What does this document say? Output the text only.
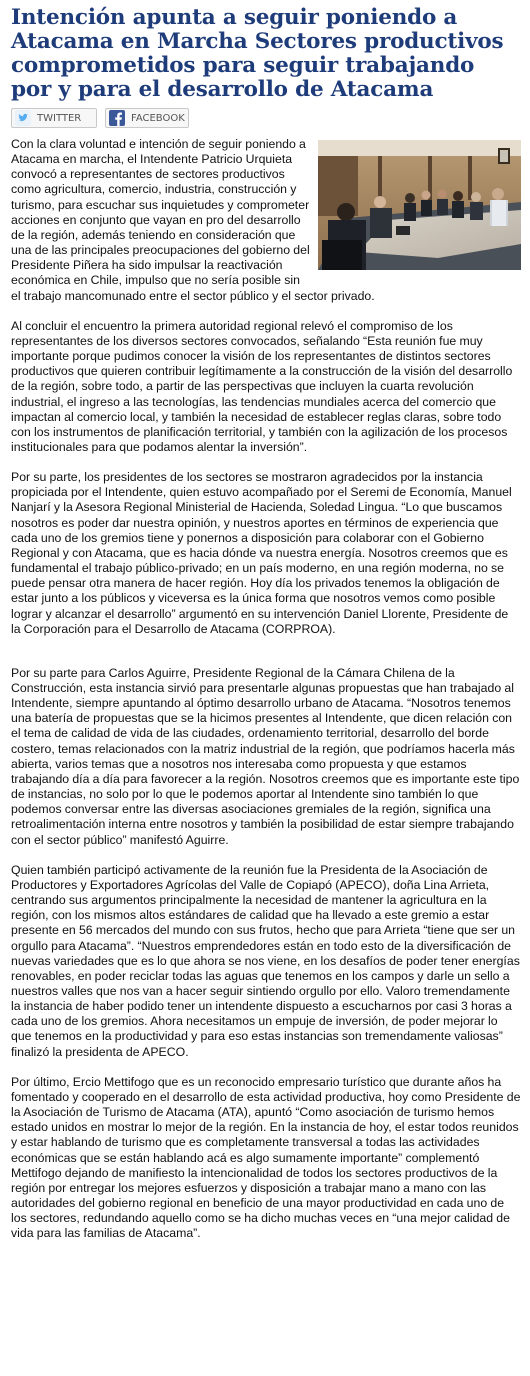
Intención apunta a seguir poniendo a Atacama en Marcha Sectores productivos comprometidos para seguir trabajando por y para el desarrollo de Atacama
TWITTER	FACEBOOK

Con la clara voluntad e intención de seguir poniendo a Atacama en marcha, el Intendente Patricio Urquieta convocó a representantes de sectores productivos como agricultura, comercio, industria, construcción y turismo, para escuchar sus inquietudes y comprometer acciones en conjunto que vayan en pro del desarrollo de la región, además teniendo en consideración que una de las principales preocupaciones del gobierno del Presidente Piñera ha sido impulsar la reactivación económica en Chile, impulso que no sería posible sin el trabajo mancomunado entre el sector público y el sector privado.

Al concluir el encuentro la primera autoridad regional relevó el compromiso de los representantes de los diversos sectores convocados, señalando “Esta reunión fue muy importante porque pudimos conocer la visión de los representantes de distintos sectores productivos que quieren contribuir legítimamente a la construcción de la visión del desarrollo de la región, sobre todo, a partir de las perspectivas que incluyen la cuarta revolución industrial, el ingreso a las tecnologías, las tendencias mundiales acerca del comercio que impactan al comercio local, y también la necesidad de establecer reglas claras, sobre todo con los instrumentos de planificación territorial, y también con la agilización de los procesos institucionales para que podamos alentar la inversión”.

Por su parte, los presidentes de los sectores se mostraron agradecidos por la instancia propiciada por el Intendente, quien estuvo acompañado por el Seremi de Economía, Manuel Nanjarí y la Asesora Regional Ministerial de Hacienda, Soledad Lingua. “Lo que buscamos nosotros es poder dar nuestra opinión, y nuestros aportes en términos de experiencia que cada uno de los gremios tiene y ponernos a disposición para colaborar con el Gobierno Regional y con Atacama, que es hacia dónde va nuestra energía. Nosotros creemos que es fundamental el trabajo público-privado; en un país moderno, en una región moderna, no se puede pensar otra manera de hacer región. Hoy día los privados tenemos la obligación de estar junto a los públicos y viceversa es la única forma que nosotros vemos como posible lograr y alcanzar el desarrollo” argumentó en su intervención Daniel Llorente, Presidente de la Corporación para el Desarrollo de Atacama (CORPROA).

Por su parte para Carlos Aguirre, Presidente Regional de la Cámara Chilena de la Construcción, esta instancia sirvió para presentarle algunas propuestas que han trabajado al Intendente, siempre apuntando al óptimo desarrollo urbano de Atacama. “Nosotros tenemos una batería de propuestas que se la hicimos presentes al Intendente, que dicen relación con el tema de calidad de vida de las ciudades, ordenamiento territorial, desarrollo del borde costero, temas relacionados con la matriz industrial de la región, que podríamos hacerla más abierta, varios temas que a nosotros nos interesaba como propuesta y que estamos trabajando día a día para favorecer a la región. Nosotros creemos que es importante este tipo de instancias, no solo por lo que le podemos aportar al Intendente sino también lo que podemos conversar entre las diversas asociaciones gremiales de la región, significa una retroalimentación interna entre nosotros y también la posibilidad de estar siempre trabajando con el sector público” manifestó Aguirre.

Quien también participó activamente de la reunión fue la Presidenta de la Asociación de Productores y Exportadores Agrícolas del Valle de Copiapó (APECO), doña Lina Arrieta, centrando sus argumentos principalmente la necesidad de mantener la agricultura en la región, con los mismos altos estándares de calidad que ha llevado a este gremio a estar presente en 56 mercados del mundo con sus frutos, hecho que para Arrieta “tiene que ser un orgullo para Atacama”. “Nuestros emprendedores están en todo esto de la diversificación de nuevas variedades que es lo que ahora se nos viene, en los desafíos de poder tener energías renovables, en poder reciclar todas las aguas que tenemos en los campos y darle un sello a nuestros valles que nos van a hacer seguir sintiendo orgullo por ello. Valoro tremendamente la instancia de haber podido tener un intendente dispuesto a escucharnos por casi 3 horas a cada uno de los gremios. Ahora necesitamos un empuje de inversión, de poder mejorar lo que tenemos en la productividad y para eso estas instancias son tremendamente valiosas” finalizó la presidenta de APECO.

Por último, Ercio Mettifogo que es un reconocido empresario turístico que durante años ha fomentado y cooperado en el desarrollo de esta actividad productiva, hoy como Presidente de la Asociación de Turismo de Atacama (ATA), apuntó “Como asociación de turismo hemos estado unidos en mostrar lo mejor de la región. En la instancia de hoy, el estar todos reunidos y estar hablando de turismo que es completamente transversal a todas las actividades económicas que se están hablando acá es algo sumamente importante” complementó Mettifogo dejando de manifiesto la intencionalidad de todos los sectores productivos de la región por entregar los mejores esfuerzos y disposición a trabajar mano a mano con las autoridades del gobierno regional en beneficio de una mayor productividad en cada uno de los sectores, redundando aquello como se ha dicho muchas veces en “una mejor calidad de vida para las familias de Atacama”.
